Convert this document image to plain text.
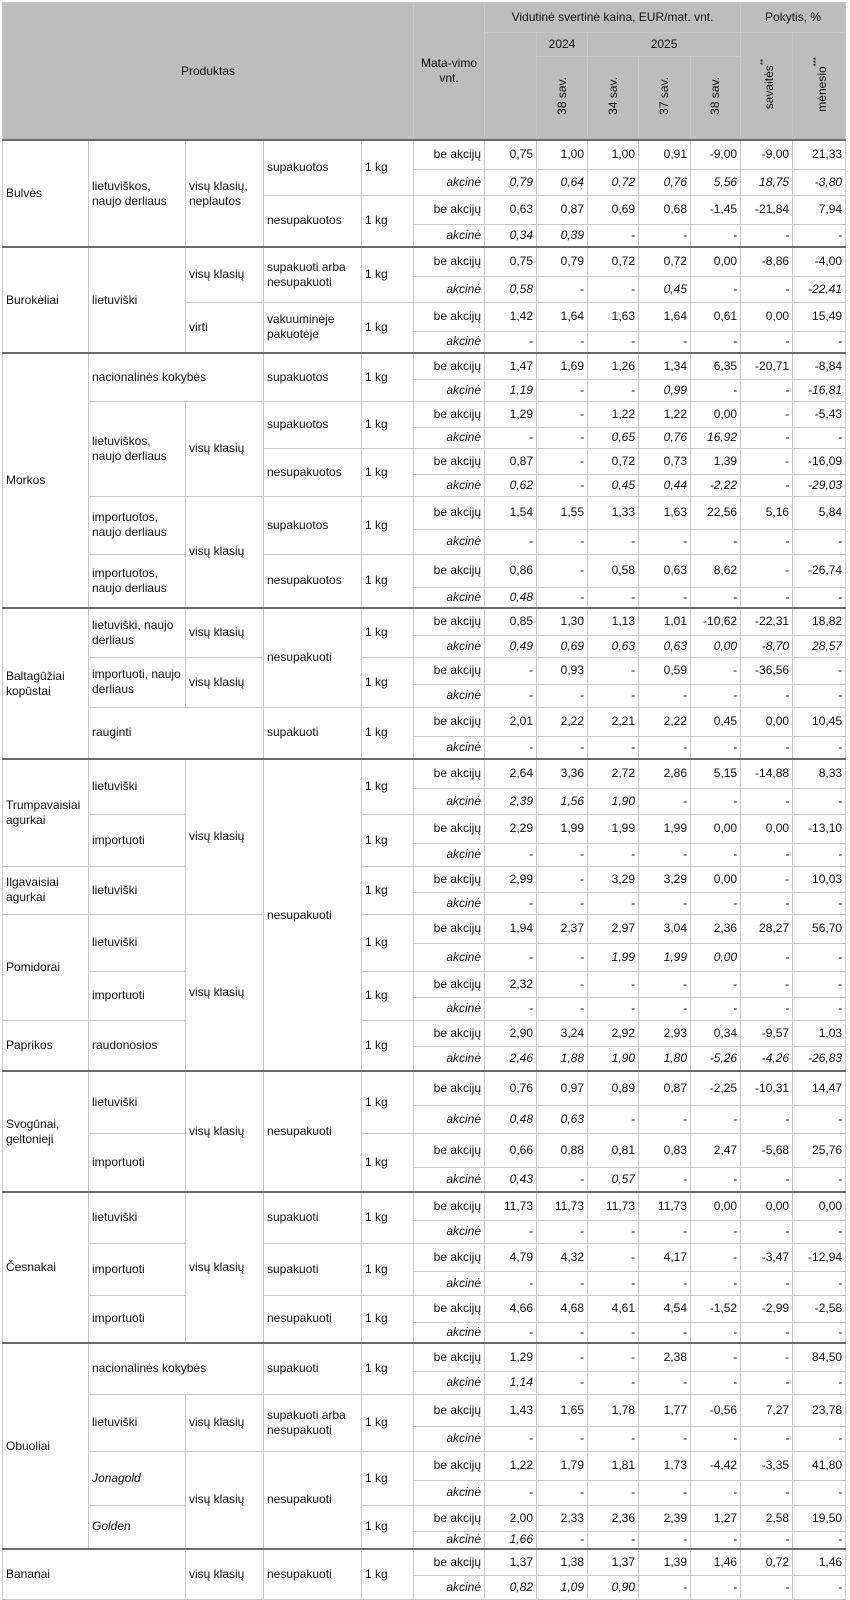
Produktas					Mata-vimo vnt.	Vidutinė svertinė kaina, EUR/mat. vnt.					Pokytis, %		
							2024	2025			savaitės**	mėnesio***	
							38 sav.	34 sav.	37 sav.	38 sav.			
Bulvės	lietuviškos, naujo derliaus	visų klasių, neplautos	supakuotos	1 kg	be akcijų	0,75	1,00	1,00	0,91	-9,00	-9,00	21,33	
					akcinė	0,79	0,64	0,72	0,76	5,56	18,75	-3,80	
			nesupakuotos	1 kg	be akcijų	0,63	0,87	0,69	0,68	-1,45	-21,84	7,94	
					akcinė	0,34	0,39	-	-	-	-	-	
Burokėliai	lietuviški	visų klasių	supakuoti arba nesupakuoti	1 kg	be akcijų	0,75	0,79	0,72	0,72	0,00	-8,86	-4,00	
					akcinė	0,58	-	-	0,45	-	-	-22,41	
		virti	vakuuminėje pakuotėje	1 kg	be akcijų	1,42	1,64	1,63	1,64	0,61	0,00	15,49	
					akcinė	-	-	-	-	-	-	-	
Morkos	nacionalinės kokybės		supakuotos	1 kg	be akcijų	1,47	1,69	1,26	1,34	6,35	-20,71	-8,84	
					akcinė	1,19	-	-	0,99	-	-	-16,81	
	lietuviškos, naujo derliaus	visų klasių	supakuotos	1 kg	be akcijų	1,29	-	1,22	1,22	0,00	-	-5,43	
					akcinė	-	-	0,65	0,76	16,92	-	-	
			nesupakuotos	1 kg	be akcijų	0,87	-	0,72	0,73	1,39	-	-16,09	
					akcinė	0,62	-	0,45	0,44	-2,22	-	-29,03	
	importuotos, naujo derliaus	visų klasių	supakuotos	1 kg	be akcijų	1,54	1,55	1,33	1,63	22,56	5,16	5,84	
					akcinė	-	-	-	-	-	-	-	
	importuotos, naujo derliaus		nesupakuotos	1 kg	be akcijų	0,86	-	0,58	0,63	8,62	-	-26,74	
					akcinė	0,48	-	-	-	-	-	-	
Baltagūžiai kopūstai	lietuviški, naujo derliaus	visų klasių	nesupakuoti	1 kg	be akcijų	0,85	1,30	1,13	1,01	-10,62	-22,31	18,82	
					akcinė	0,49	0,69	0,63	0,63	0,00	-8,70	28,57	
	importuoti, naujo derliaus	visų klasių		1 kg	be akcijų	-	0,93	-	0,59	-	-36,56	-	
					akcinė	-	-	-	-	-	-	-	
	rauginti		supakuoti	1 kg	be akcijų	2,01	2,22	2,21	2,22	0,45	0,00	10,45	
					akcinė	-	-	-	-	-	-	-	
Trumpavaisiai agurkai	lietuviški	visų klasių	nesupakuoti	1 kg	be akcijų	2,64	3,36	2,72	2,86	5,15	-14,88	8,33	
					akcinė	2,39	1,56	1,90	-	-	-	-	
	importuoti			1 kg	be akcijų	2,29	1,99	1,99	1,99	0,00	0,00	-13,10	
					akcinė	-	-	-	-	-	-	-	
Ilgavaisiai agurkai	lietuviški			1 kg	be akcijų	2,99	-	3,29	3,29	0,00	-	10,03	
					akcinė	-	-	-	-	-	-	-	
Pomidorai	lietuviški	visų klasių		1 kg	be akcijų	1,94	2,37	2,97	3,04	2,36	28,27	56,70	
					akcinė	-	-	1,99	1,99	0,00	-	-	
	importuoti			1 kg	be akcijų	2,32	-	-	-	-	-	-	
					akcinė	-	-	-	-	-	-	-	
Paprikos	raudonosios			1 kg	be akcijų	2,90	3,24	2,92	2,93	0,34	-9,57	1,03	
					akcinė	2,46	1,88	1,90	1,80	-5,26	-4,26	-26,83	
Svogūnai, geltonieji	lietuviški	visų klasių	nesupakuoti	1 kg	be akcijų	0,76	0,97	0,89	0,87	-2,25	-10,31	14,47	
					akcinė	0,48	0,63	-	-	-	-	-	
	importuoti			1 kg	be akcijų	0,66	0,88	0,81	0,83	2,47	-5,68	25,76	
					akcinė	0,43	-	0,57	-	-	-	-	
Česnakai	lietuviški	visų klasių	supakuoti	1 kg	be akcijų	11,73	11,73	11,73	11,73	0,00	0,00	0,00	
					akcinė	-	-	-	-	-	-	-	
	importuoti		supakuoti	1 kg	be akcijų	4,79	4,32	-	4,17	-	-3,47	-12,94	
					akcinė	-	-	-	-	-	-	-	
	importuoti		nesupakuoti	1 kg	be akcijų	4,66	4,68	4,61	4,54	-1,52	-2,99	-2,58	
					akcinė	-	-	-	-	-	-	-	
Obuoliai	nacionalinės kokybės		supakuoti	1 kg	be akcijų	1,29	-	-	2,38	-	-	84,50	
					akcinė	1,14	-	-	-	-	-	-	
	lietuviški	visų klasių	supakuoti arba nesupakuoti	1 kg	be akcijų	1,43	1,65	1,78	1,77	-0,56	7,27	23,78	
					akcinė	-	-	-	-	-	-	-	
	Jonagold	visų klasių	nesupakuoti	1 kg	be akcijų	1,22	1,79	1,81	1,73	-4,42	-3,35	41,80	
					akcinė	-	-	-	-	-	-	-	
	Golden			1 kg	be akcijų	2,00	2,33	2,36	2,39	1,27	2,58	19,50	
					akcinė	1,66	-	-	-	-	-	-	
Bananai		visų klasių	nesupakuoti	1 kg	be akcijų	1,37	1,38	1,37	1,39	1,46	0,72	1,46	
					akcinė	0,82	1,09	0,90	-	-	-	-	
